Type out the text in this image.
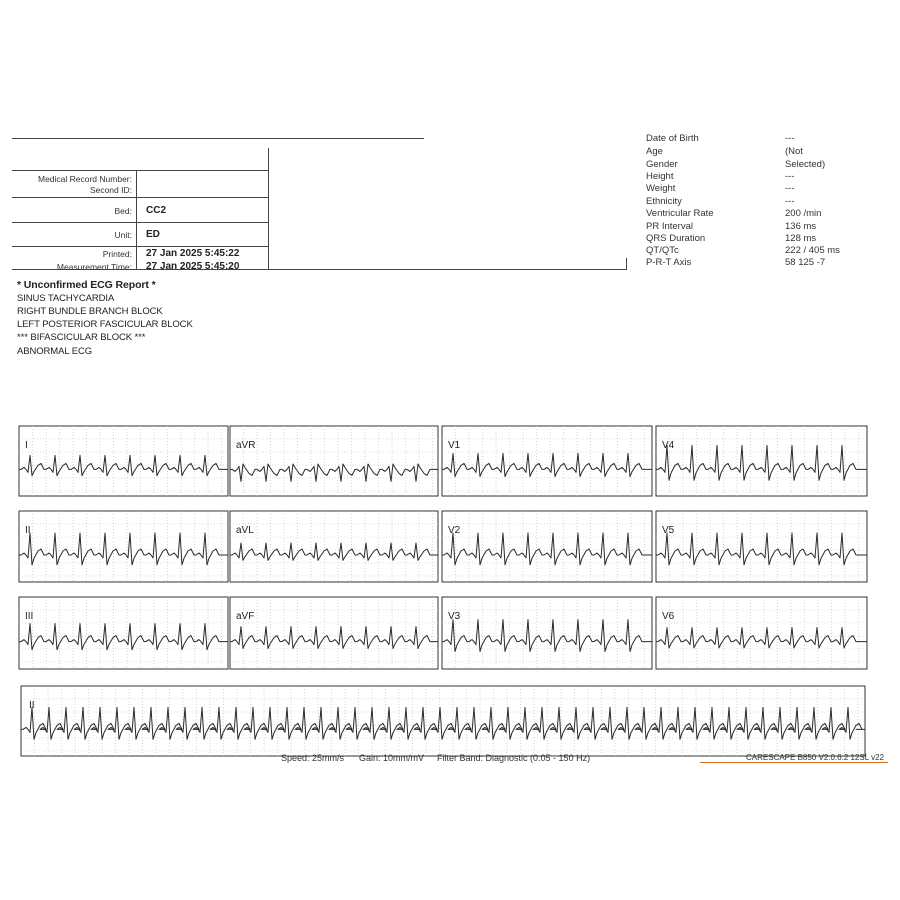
Medical Record Number:
Second ID:
Bed: CC2
Unit: ED
Printed: 27 Jan 2025 5:45:22
Measurement Time: 27 Jan 2025 5:45:20
Date of Birth	---
Age	(Not
Gender	Selected)
Height	---
Weight	---
Ethnicity	---
Ventricular Rate	200 /min
PR Interval	136 ms
QRS Duration	128 ms
QT/QTc	222 / 405 ms
P-R-T Axis	58 125 -7
* Unconfirmed ECG Report *
SINUS TACHYCARDIA
RIGHT BUNDLE BRANCH BLOCK
LEFT POSTERIOR FASCICULAR BLOCK
*** BIFASCICULAR BLOCK ***
ABNORMAL ECG
I	aVR	V1	V4
II	aVL	V2	V5
III	aVF	V3	V6
II
Speed: 25mm/s Gain: 10mm/mV Filter Band: Diagnostic (0.05 - 150 Hz)	CARESCAPE B850 V2.0.6.2 12SL v22
